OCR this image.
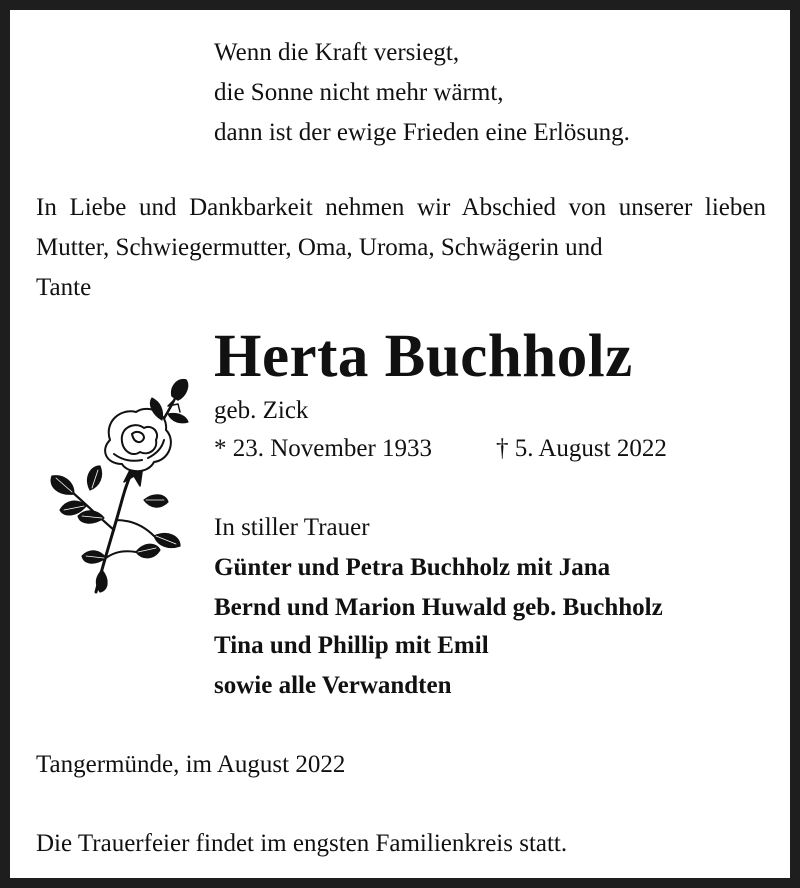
Wenn die Kraft versiegt,
die Sonne nicht mehr wärmt,
dann ist der ewige Frieden eine Erlösung.
In Liebe und Dankbarkeit nehmen wir Abschied von unserer lieben Mutter, Schwiegermutter, Oma, Uroma, Schwägerin und
Tante
Herta Buchholz
geb. Zick
* 23. November 1933	† 5. August 2022
In stiller Trauer
Günter und Petra Buchholz mit Jana
Bernd und Marion Huwald geb. Buchholz
Tina und Phillip mit Emil
sowie alle Verwandten
Tangermünde, im August 2022
Die Trauerfeier findet im engsten Familienkreis statt.
